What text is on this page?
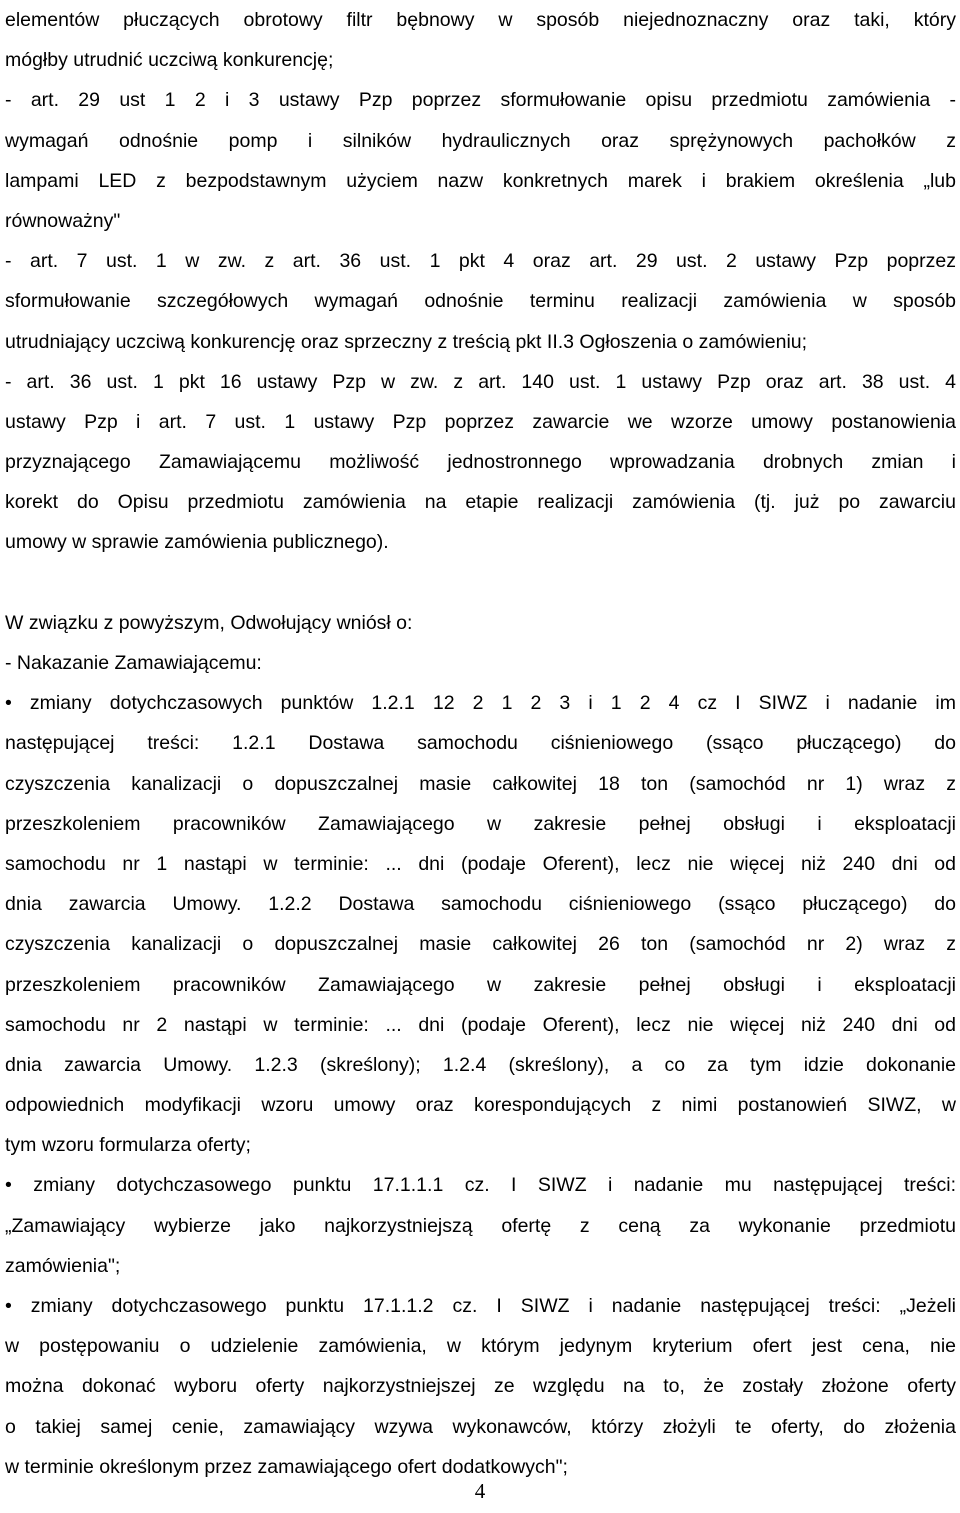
elementów płuczących obrotowy filtr bębnowy w sposób niejednoznaczny oraz taki, który
mógłby utrudnić uczciwą konkurencję;
- art. 29 ust 1 2 i 3 ustawy Pzp poprzez sformułowanie opisu przedmiotu zamówienia -
wymagań odnośnie pomp i silników hydraulicznych oraz sprężynowych pachołków z
lampami LED z bezpodstawnym użyciem nazw konkretnych marek i brakiem określenia „lub
równoważny"
- art. 7 ust. 1 w zw. z art. 36 ust. 1 pkt 4 oraz art. 29 ust. 2 ustawy Pzp poprzez
sformułowanie szczegółowych wymagań odnośnie terminu realizacji zamówienia w sposób
utrudniający uczciwą konkurencję oraz sprzeczny z treścią pkt II.3 Ogłoszenia o zamówieniu;
- art. 36 ust. 1 pkt 16 ustawy Pzp w zw. z art. 140 ust. 1 ustawy Pzp oraz art. 38 ust. 4
ustawy Pzp i art. 7 ust. 1 ustawy Pzp poprzez zawarcie we wzorze umowy postanowienia
przyznającego Zamawiającemu możliwość jednostronnego wprowadzania drobnych zmian i
korekt do Opisu przedmiotu zamówienia na etapie realizacji zamówienia (tj. już po zawarciu
umowy w sprawie zamówienia publicznego).
W związku z powyższym, Odwołujący wniósł o:
- Nakazanie Zamawiającemu:
• zmiany dotychczasowych punktów 1.2.1 12 2 1 2 3 i 1 2 4 cz I SIWZ i nadanie im
następującej treści: 1.2.1 Dostawa samochodu ciśnieniowego (ssąco płuczącego) do
czyszczenia kanalizacji o dopuszczalnej masie całkowitej 18 ton (samochód nr 1) wraz z
przeszkoleniem pracowników Zamawiającego w zakresie pełnej obsługi i eksploatacji
samochodu nr 1 nastąpi w terminie: ... dni (podaje Oferent), lecz nie więcej niż 240 dni od
dnia zawarcia Umowy. 1.2.2 Dostawa samochodu ciśnieniowego (ssąco płuczącego) do
czyszczenia kanalizacji o dopuszczalnej masie całkowitej 26 ton (samochód nr 2) wraz z
przeszkoleniem pracowników Zamawiającego w zakresie pełnej obsługi i eksploatacji
samochodu nr 2 nastąpi w terminie: ... dni (podaje Oferent), lecz nie więcej niż 240 dni od
dnia zawarcia Umowy. 1.2.3 (skreślony); 1.2.4 (skreślony), a co za tym idzie dokonanie
odpowiednich modyfikacji wzoru umowy oraz korespondujących z nimi postanowień SIWZ, w
tym wzoru formularza oferty;
• zmiany dotychczasowego punktu 17.1.1.1 cz. I SIWZ i nadanie mu następującej treści:
„Zamawiający wybierze jako najkorzystniejszą ofertę z ceną za wykonanie przedmiotu
zamówienia";
• zmiany dotychczasowego punktu 17.1.1.2 cz. I SIWZ i nadanie następującej treści: „Jeżeli
w postępowaniu o udzielenie zamówienia, w którym jedynym kryterium ofert jest cena, nie
można dokonać wyboru oferty najkorzystniejszej ze względu na to, że zostały złożone oferty
o takiej samej cenie, zamawiający wzywa wykonawców, którzy złożyli te oferty, do złożenia
w terminie określonym przez zamawiającego ofert dodatkowych";
4
